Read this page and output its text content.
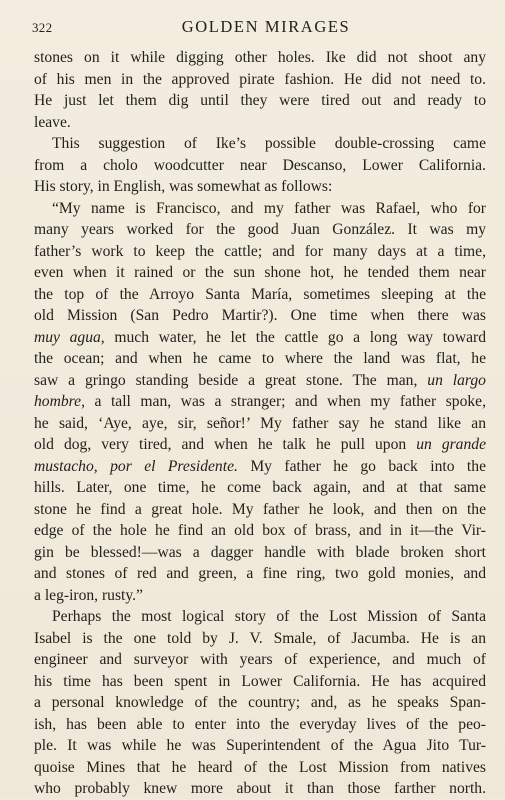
322	GOLDEN MIRAGES
stones on it while digging other holes. Ike did not shoot any
of his men in the approved pirate fashion. He did not need to.
He just let them dig until they were tired out and ready to
leave.
This suggestion of Ike’s possible double-crossing came
from a cholo woodcutter near Descanso, Lower California.
His story, in English, was somewhat as follows:
“My name is Francisco, and my father was Rafael, who for
many years worked for the good Juan González. It was my
father’s work to keep the cattle; and for many days at a time,
even when it rained or the sun shone hot, he tended them near
the top of the Arroyo Santa María, sometimes sleeping at the
old Mission (San Pedro Martir?). One time when there was
muy agua, much water, he let the cattle go a long way toward
the ocean; and when he came to where the land was flat, he
saw a gringo standing beside a great stone. The man, un largo
hombre, a tall man, was a stranger; and when my father spoke,
he said, ‘Aye, aye, sir, señor!’ My father say he stand like an
old dog, very tired, and when he talk he pull upon un grande
mustacho, por el Presidente. My father he go back into the
hills. Later, one time, he come back again, and at that same
stone he find a great hole. My father he look, and then on the
edge of the hole he find an old box of brass, and in it—the Vir-
gin be blessed!—was a dagger handle with blade broken short
and stones of red and green, a fine ring, two gold monies, and
a leg-iron, rusty.”
Perhaps the most logical story of the Lost Mission of Santa
Isabel is the one told by J. V. Smale, of Jacumba. He is an
engineer and surveyor with years of experience, and much of
his time has been spent in Lower California. He has acquired
a personal knowledge of the country; and, as he speaks Span-
ish, has been able to enter into the everyday lives of the peo-
ple. It was while he was Superintendent of the Agua Jito Tur-
quoise Mines that he heard of the Lost Mission from natives
who probably knew more about it than those farther north.
